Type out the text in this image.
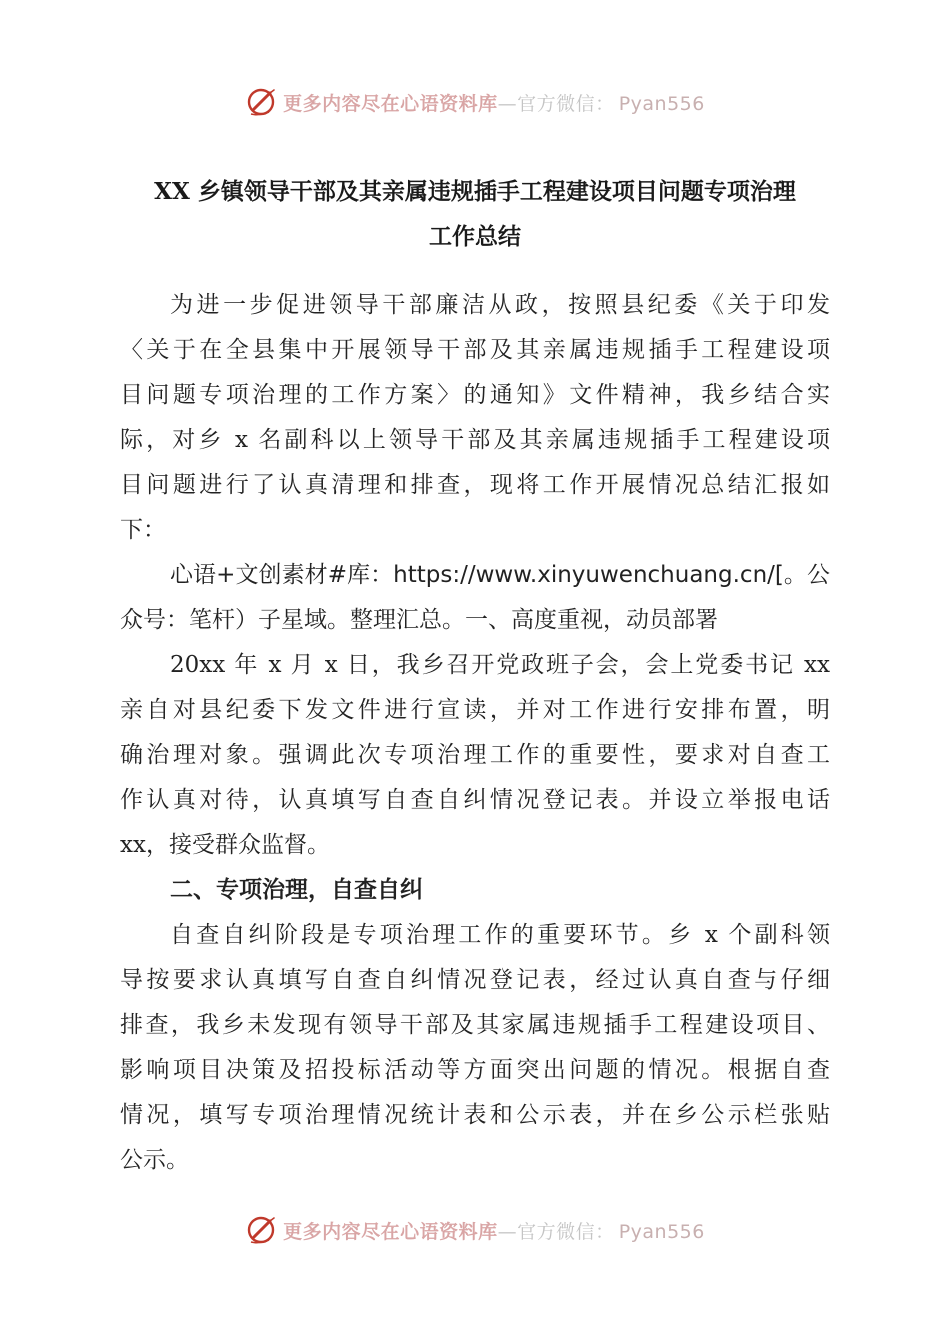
更多内容尽在心语资料库—官方微信： Pyan556
XX 乡镇领导干部及其亲属违规插手工程建设项目问题专项治理
工作总结
为进一步促进领导干部廉洁从政，按照县纪委《关于印发
〈关于在全县集中开展领导干部及其亲属违规插手工程建设项
目问题专项治理的工作方案〉的通知》文件精神，我乡结合实
际，对乡 x 名副科以上领导干部及其亲属违规插手工程建设项
目问题进行了认真清理和排查，现将工作开展情况总结汇报如
下：
心语+文创素材#库：https://www.xinyuwenchuang.cn/[。公
众号：笔杆）子星域。整理汇总。一、高度重视，动员部署
20xx 年 x 月 x 日，我乡召开党政班子会，会上党委书记 xx
亲自对县纪委下发文件进行宣读，并对工作进行安排布置，明
确治理对象。强调此次专项治理工作的重要性，要求对自查工
作认真对待，认真填写自查自纠情况登记表。并设立举报电话
xx，接受群众监督。
二、专项治理，自查自纠
自查自纠阶段是专项治理工作的重要环节。乡 x 个副科领
导按要求认真填写自查自纠情况登记表，经过认真自查与仔细
排查，我乡未发现有领导干部及其家属违规插手工程建设项目、
影响项目决策及招投标活动等方面突出问题的情况。根据自查
情况，填写专项治理情况统计表和公示表，并在乡公示栏张贴
公示。
更多内容尽在心语资料库—官方微信： Pyan556
